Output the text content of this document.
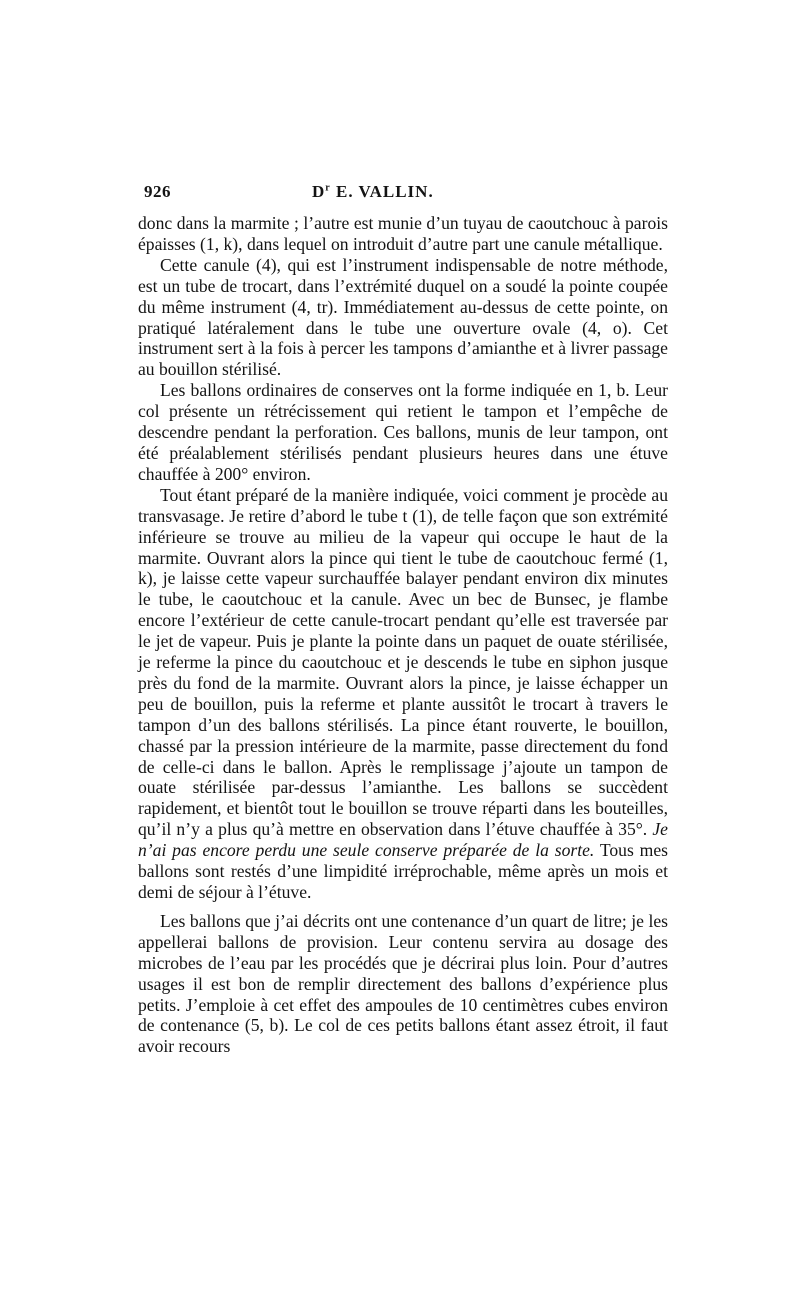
926	$D^r$ E. VALLIN.

donc dans la marmite ; l’autre est munie d’un tuyau de caoutchouc à parois épaisses (1, k), dans lequel on introduit d’autre part une canule métallique.

Cette canule (4), qui est l’instrument indispensable de notre méthode, est un tube de trocart, dans l’extrémité duquel on a soudé la pointe coupée du même instrument (4, tr). Immédiatement au-dessus de cette pointe, on pratiqué latéralement dans le tube une ouverture ovale (4, o). Cet instrument sert à la fois à percer les tampons d’amianthe et à livrer passage au bouillon stérilisé.

Les ballons ordinaires de conserves ont la forme indiquée en 1, b. Leur col présente un rétrécissement qui retient le tampon et l’empêche de descendre pendant la perforation. Ces ballons, munis de leur tampon, ont été préalablement stérilisés pendant plusieurs heures dans une étuve chauffée à 200° environ.

Tout étant préparé de la manière indiquée, voici comment je procède au transvasage. Je retire d’abord le tube t (1), de telle façon que son extrémité inférieure se trouve au milieu de la vapeur qui occupe le haut de la marmite. Ouvrant alors la pince qui tient le tube de caoutchouc fermé (1, k), je laisse cette vapeur surchauffée balayer pendant environ dix minutes le tube, le caoutchouc et la canule. Avec un bec de Bunsec, je flambe encore l’extérieur de cette canule-trocart pendant qu’elle est traversée par le jet de vapeur. Puis je plante la pointe dans un paquet de ouate stérilisée, je referme la pince du caoutchouc et je descends le tube en siphon jusque près du fond de la marmite. Ouvrant alors la pince, je laisse échapper un peu de bouillon, puis la referme et plante aussitôt le trocart à travers le tampon d’un des ballons stérilisés. La pince étant rouverte, le bouillon, chassé par la pression intérieure de la marmite, passe directement du fond de celle-ci dans le ballon. Après le remplissage j’ajoute un tampon de ouate stérilisée par-dessus l’amianthe. Les ballons se succèdent rapidement, et bientôt tout le bouillon se trouve réparti dans les bouteilles, qu’il n’y a plus qu’à mettre en observation dans l’étuve chauffée à 35°. Je n’ai pas encore perdu une seule conserve préparée de la sorte. Tous mes ballons sont restés d’une limpidité irréprochable, même après un mois et demi de séjour à l’étuve.

Les ballons que j’ai décrits ont une contenance d’un quart de litre; je les appellerai ballons de provision. Leur contenu servira au dosage des microbes de l’eau par les procédés que je décrirai plus loin. Pour d’autres usages il est bon de remplir directement des ballons d’expérience plus petits. J’emploie à cet effet des ampoules de 10 centimètres cubes environ de contenance (5, b). Le col de ces petits ballons étant assez étroit, il faut avoir recours
